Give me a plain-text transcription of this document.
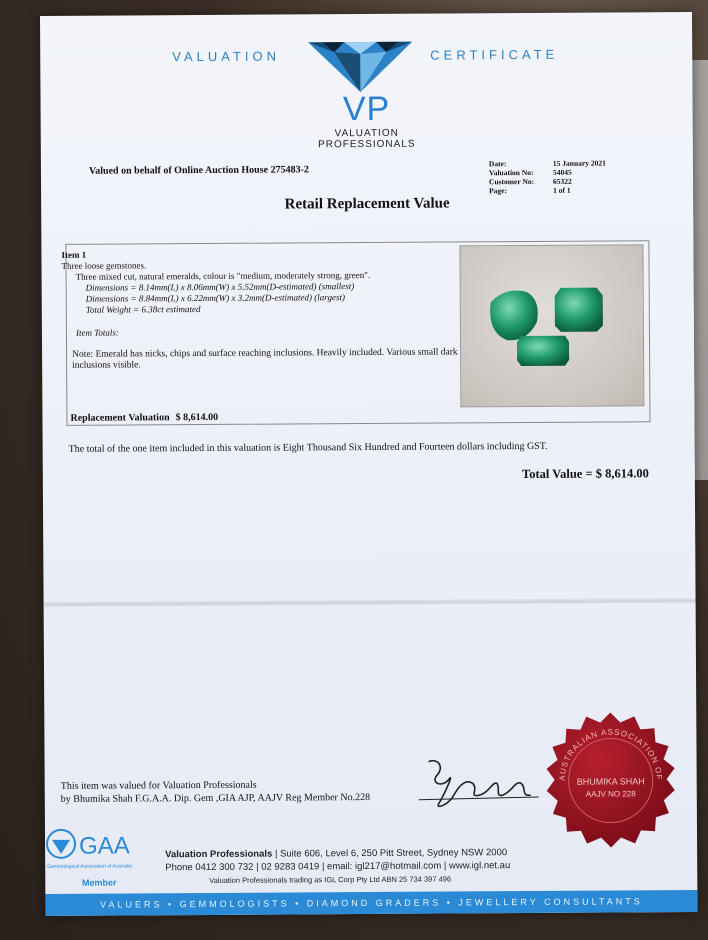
VALUATION	CERTIFICATE
VP
VALUATION
PROFESSIONALS
Valued on behalf of Online Auction House 275483-2
Date:	15 January 2021
Valuation No:	54045
Customer No:	65322
Page:	1 of 1
Retail Replacement Value
Item 1
Three loose gemstones.
Three mixed cut, natural emeralds, colour is "medium, moderately strong, green".
Dimensions = 8.14mm(L) x 8.06mm(W) x 5.52mm(D-estimated) (smallest)
Dimensions = 8.84mm(L) x 6.22mm(W) x 3.2mm(D-estimated) (largest)
Total Weight = 6.38ct estimated
Item Totals:
Note: Emerald has nicks, chips and surface reaching inclusions. Heavily included. Various small dark inclusions visible.
Replacement Valuation $ 8,614.00
The total of the one item included in this valuation is Eight Thousand Six Hundred and Fourteen dollars including GST.
Total Value = $ 8,614.00
This item was valued for Valuation Professionals
by Bhumika Shah F.G.A.A. Dip. Gem ,GIA AJP, AAJV Reg Member No.228
AUSTRALIAN ASSOCIATION OF
BHUMIKA SHAH
AAJV NO 228
GAA
Gemmological Association of Australia
Member
Valuation Professionals | Suite 606, Level 6, 250 Pitt Street, Sydney NSW 2000
Phone 0412 300 732 | 02 9283 0419 | email: igl217@hotmail.com | www.igl.net.au
Valuation Professionals trading as IGL Corp Pty Ltd ABN 25 734 397 496
VALUERS • GEMMOLOGISTS • DIAMOND GRADERS • JEWELLERY CONSULTANTS
